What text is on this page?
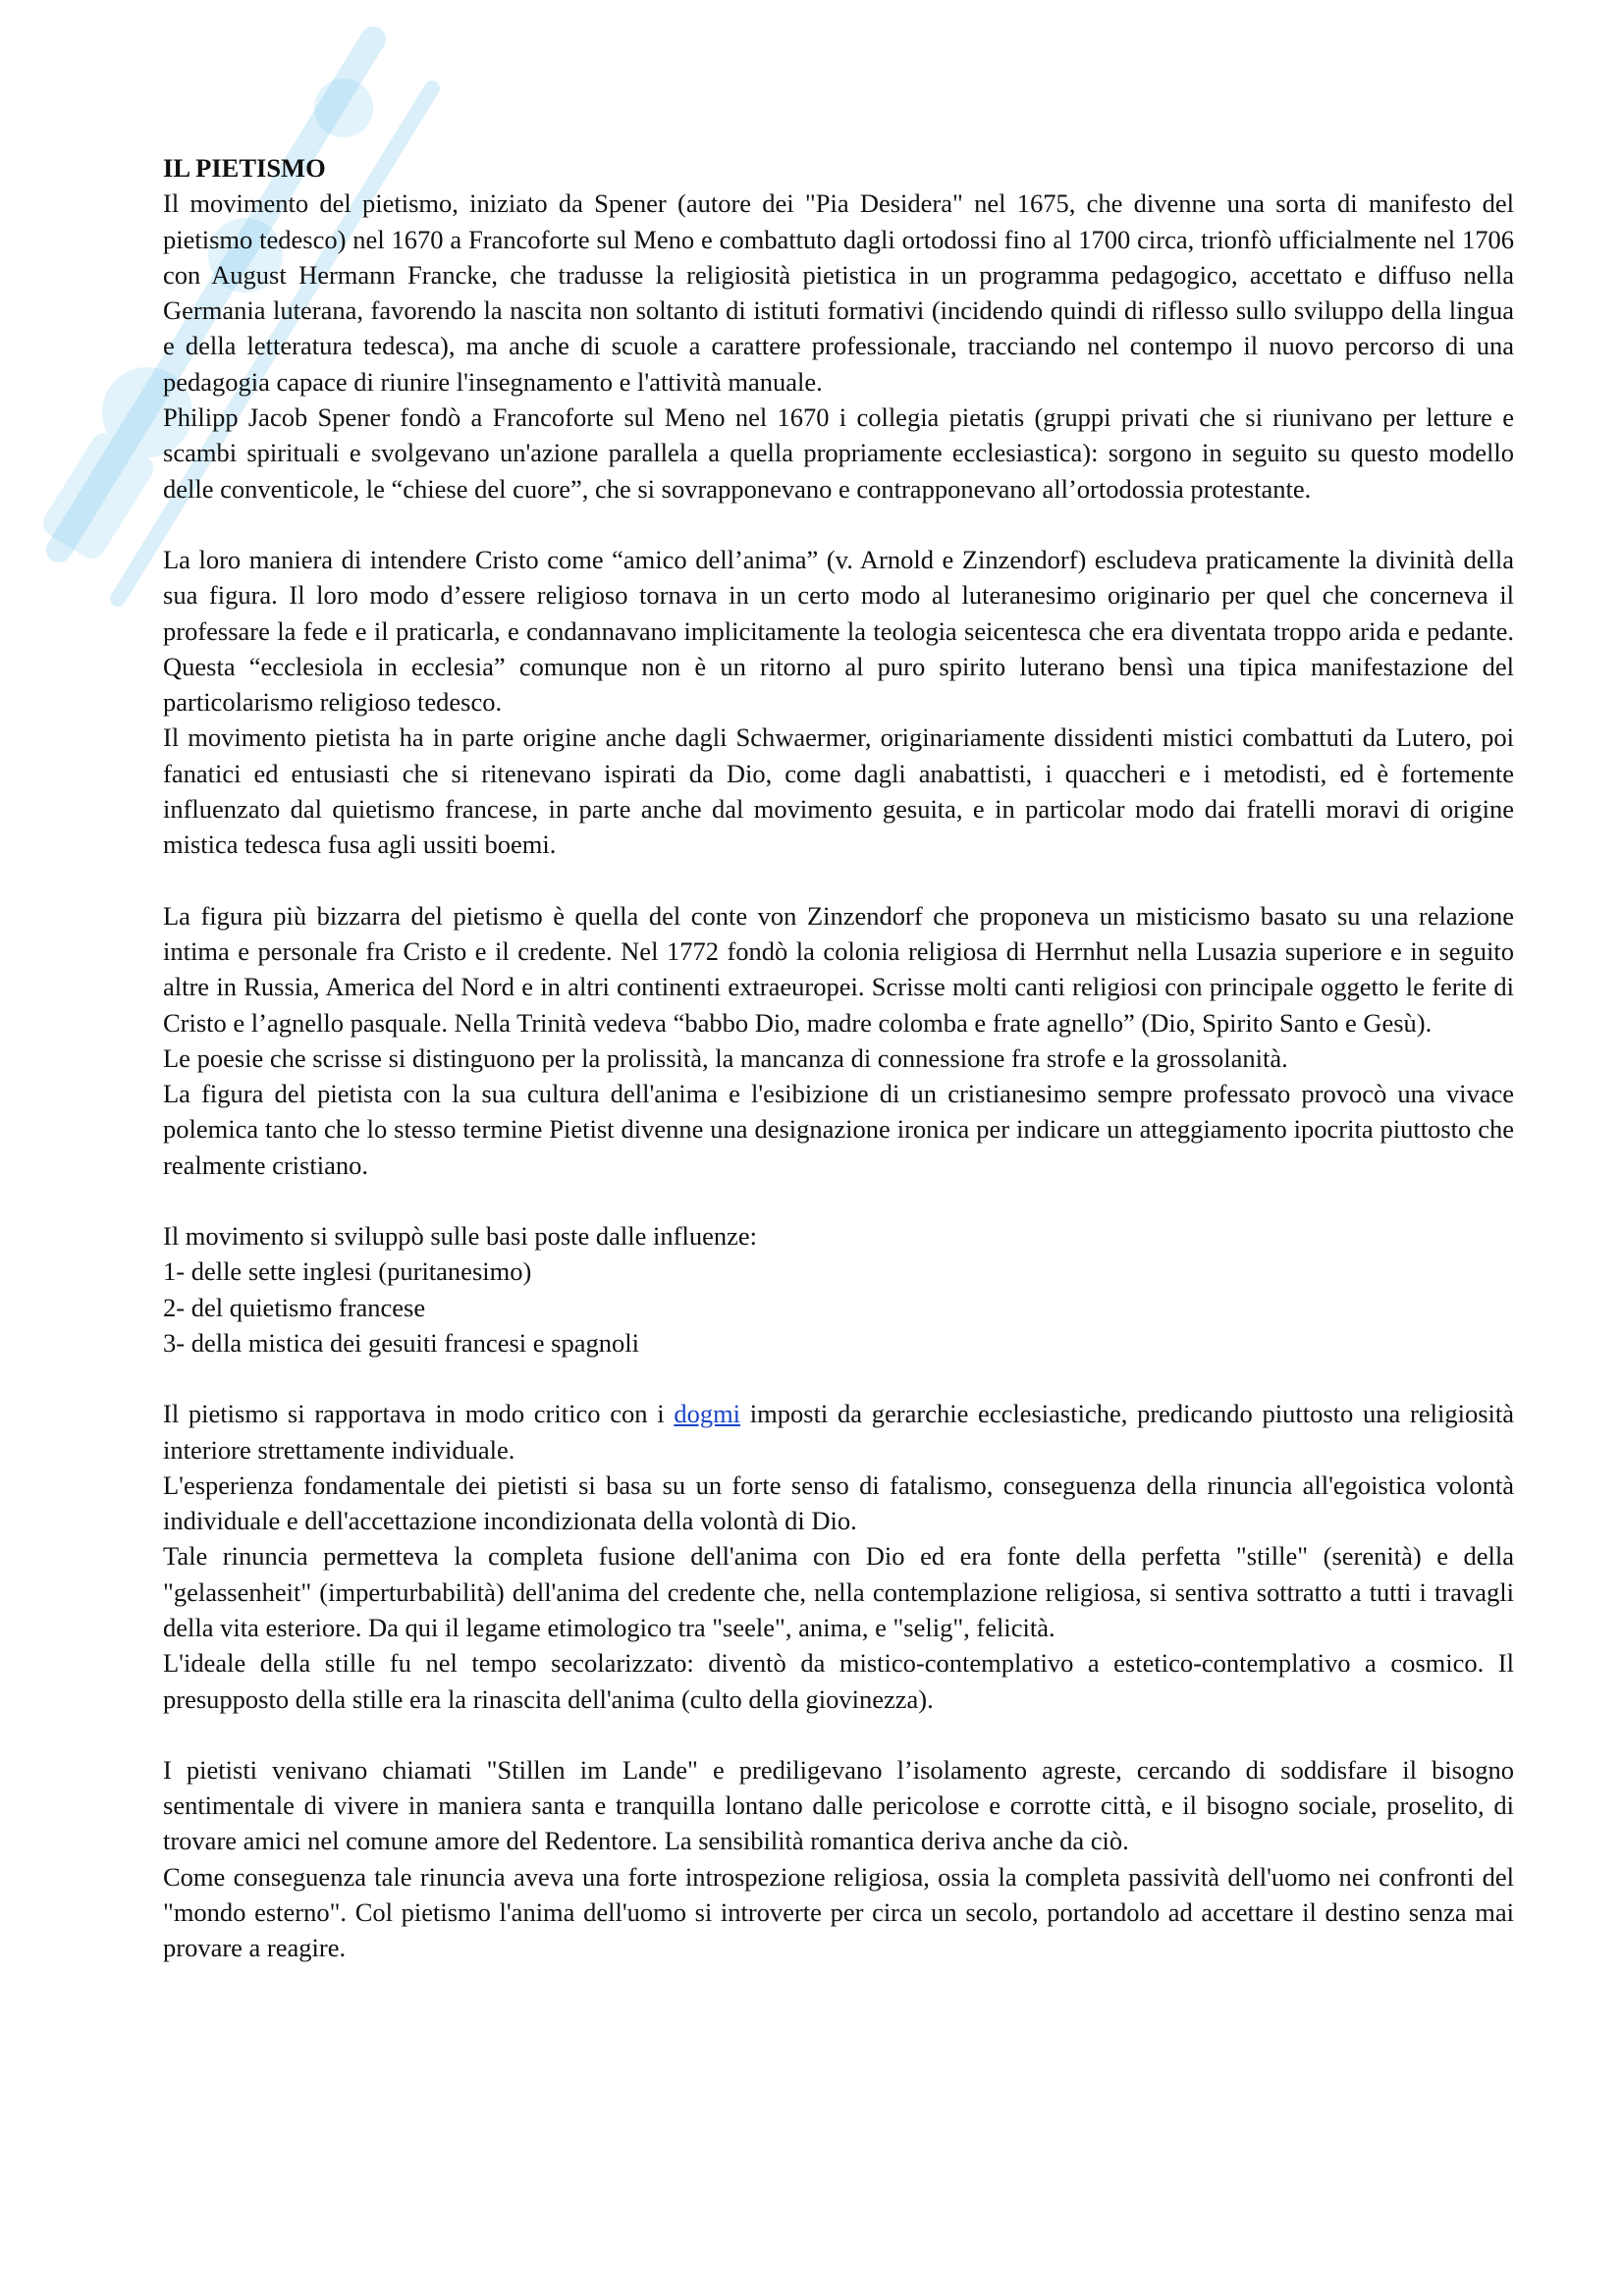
IL PIETISMO

Il movimento del pietismo, iniziato da Spener (autore dei "Pia Desidera" nel 1675, che divenne una sorta di manifesto del pietismo tedesco) nel 1670 a Francoforte sul Meno e combattuto dagli ortodossi fino al 1700 circa, trionfò ufficialmente nel 1706 con August Hermann Francke, che tradusse la religiosità pietistica in un programma pedagogico, accettato e diffuso nella Germania luterana, favorendo la nascita non soltanto di istituti formativi (incidendo quindi di riflesso sullo sviluppo della lingua e della letteratura tedesca), ma anche di scuole a carattere professionale, tracciando nel contempo il nuovo percorso di una pedagogia capace di riunire l'insegnamento e l'attività manuale.

Philipp Jacob Spener fondò a Francoforte sul Meno nel 1670 i collegia pietatis (gruppi privati che si riunivano per letture e scambi spirituali e svolgevano un'azione parallela a quella propriamente ecclesiastica): sorgono in seguito su questo modello delle conventicole, le “chiese del cuore”, che si sovrapponevano e contrapponevano all’ortodossia protestante.

La loro maniera di intendere Cristo come “amico dell’anima” (v. Arnold e Zinzendorf) escludeva praticamente la divinità della sua figura. Il loro modo d’essere religioso tornava in un certo modo al luteranesimo originario per quel che concerneva il professare la fede e il praticarla, e condannavano implicitamente la teologia seicentesca che era diventata troppo arida e pedante. Questa “ecclesiola in ecclesia” comunque non è un ritorno al puro spirito luterano bensì una tipica manifestazione del particolarismo religioso tedesco.

Il movimento pietista ha in parte origine anche dagli Schwaermer, originariamente dissidenti mistici combattuti da Lutero, poi fanatici ed entusiasti che si ritenevano ispirati da Dio, come dagli anabattisti, i quaccheri e i metodisti, ed è fortemente influenzato dal quietismo francese, in parte anche dal movimento gesuita, e in particolar modo dai fratelli moravi di origine mistica tedesca fusa agli ussiti boemi.

La figura più bizzarra del pietismo è quella del conte von Zinzendorf che proponeva un misticismo basato su una relazione intima e personale fra Cristo e il credente. Nel 1772 fondò la colonia religiosa di Herrnhut nella Lusazia superiore e in seguito altre in Russia, America del Nord e in altri continenti extraeuropei. Scrisse molti canti religiosi con principale oggetto le ferite di Cristo e l’agnello pasquale. Nella Trinità vedeva “babbo Dio, madre colomba e frate agnello” (Dio, Spirito Santo e Gesù).

Le poesie che scrisse si distinguono per la prolissità, la mancanza di connessione fra strofe e la grossolanità.

La figura del pietista con la sua cultura dell'anima e l'esibizione di un cristianesimo sempre professato provocò una vivace polemica tanto che lo stesso termine Pietist divenne una designazione ironica per indicare un atteggiamento ipocrita piuttosto che realmente cristiano.

Il movimento si sviluppò sulle basi poste dalle influenze:

1- delle sette inglesi (puritanesimo)
2- del quietismo francese
3- della mistica dei gesuiti francesi e spagnoli

Il pietismo si rapportava in modo critico con i dogmi imposti da gerarchie ecclesiastiche, predicando piuttosto una religiosità interiore strettamente individuale.

L'esperienza fondamentale dei pietisti si basa su un forte senso di fatalismo, conseguenza della rinuncia all'egoistica volontà individuale e dell'accettazione incondizionata della volontà di Dio.

Tale rinuncia permetteva la completa fusione dell'anima con Dio ed era fonte della perfetta "stille" (serenità) e della "gelassenheit" (imperturbabilità) dell'anima del credente che, nella contemplazione religiosa, si sentiva sottratto a tutti i travagli della vita esteriore. Da qui il legame etimologico tra "seele", anima, e "selig", felicità.

L'ideale della stille fu nel tempo secolarizzato: diventò da mistico-contemplativo a estetico-contemplativo a cosmico. Il presupposto della stille era la rinascita dell'anima (culto della giovinezza).

I pietisti venivano chiamati "Stillen im Lande" e prediligevano l’isolamento agreste, cercando di soddisfare il bisogno sentimentale di vivere in maniera santa e tranquilla lontano dalle pericolose e corrotte città, e il bisogno sociale, proselito, di trovare amici nel comune amore del Redentore. La sensibilità romantica deriva anche da ciò.

Come conseguenza tale rinuncia aveva una forte introspezione religiosa, ossia la completa passività dell'uomo nei confronti del "mondo esterno". Col pietismo l'anima dell'uomo si introverte per circa un secolo, portandolo ad accettare il destino senza mai provare a reagire.
